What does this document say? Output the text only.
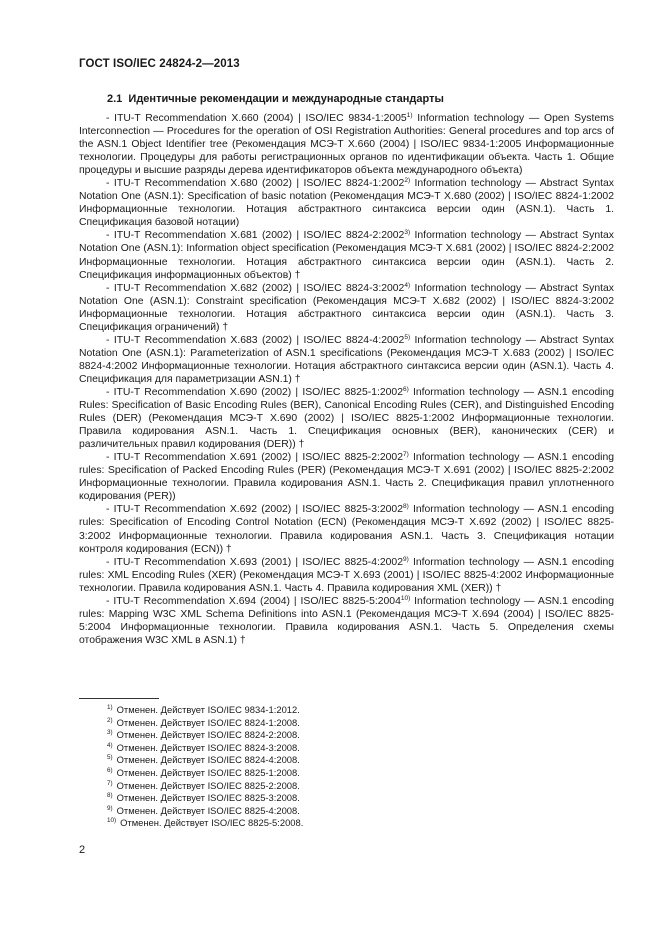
ГОСТ ISO/IEC 24824-2—2013
2.1 Идентичные рекомендации и международные стандарты

- ITU-T Recommendation X.660 (2004) | ISO/IEC 9834-1:2005$^{1)}$ Information technology — Open Systems Interconnection — Procedures for the operation of OSI Registration Authorities: General procedures and top arcs of the ASN.1 Object Identifier tree (Рекомендация МСЭ-Т X.660 (2004) | ISO/IEC 9834-1:2005 Информационные технологии. Процедуры для работы регистрационных органов по идентификации объекта. Часть 1. Общие процедуры и высшие разряды дерева идентификаторов объекта международного объекта)

- ITU-T Recommendation X.680 (2002) | ISO/IEC 8824-1:2002$^{2)}$ Information technology — Abstract Syntax Notation One (ASN.1): Specification of basic notation (Рекомендация МСЭ-Т X.680 (2002) | ISO/IEC 8824-1:2002 Информационные технологии. Нотация абстрактного синтаксиса версии один (ASN.1). Часть 1. Спецификация базовой нотации)

- ITU-T Recommendation X.681 (2002) | ISO/IEC 8824-2:2002$^{3)}$ Information technology — Abstract Syntax Notation One (ASN.1): Information object specification (Рекомендация МСЭ-Т X.681 (2002) | ISO/IEC 8824-2:2002 Информационные технологии. Нотация абстрактного синтаксиса версии один (ASN.1). Часть 2. Спецификация информационных объектов) †

- ITU-T Recommendation X.682 (2002) | ISO/IEC 8824-3:2002$^{4)}$ Information technology — Abstract Syntax Notation One (ASN.1): Constraint specification (Рекомендация МСЭ-Т X.682 (2002) | ISO/IEC 8824-3:2002 Информационные технологии. Нотация абстрактного синтаксиса версии один (ASN.1). Часть 3. Спецификация ограничений) †

- ITU-T Recommendation X.683 (2002) | ISO/IEC 8824-4:2002$^{5)}$ Information technology — Abstract Syntax Notation One (ASN.1): Parameterization of ASN.1 specifications (Рекомендация МСЭ-Т X.683 (2002) | ISO/IEC 8824-4:2002 Информационные технологии. Нотация абстрактного синтаксиса версии один (ASN.1). Часть 4. Спецификация для параметризации ASN.1) †

- ITU-T Recommendation X.690 (2002) | ISO/IEC 8825-1:2002$^{6)}$ Information technology — ASN.1 encoding Rules: Specification of Basic Encoding Rules (BER), Canonical Encoding Rules (CER), and Distinguished Encoding Rules (DER) (Рекомендация МСЭ-Т X.690 (2002) | ISO/IEC 8825-1:2002 Информационные технологии. Правила кодирования ASN.1. Часть 1. Спецификация основных (BER), канонических (CER) и различительных правил кодирования (DER)) †

- ITU-T Recommendation X.691 (2002) | ISO/IEC 8825-2:2002$^{7)}$ Information technology — ASN.1 encoding rules: Specification of Packed Encoding Rules (PER) (Рекомендация МСЭ-Т X.691 (2002) | ISO/IEC 8825-2:2002 Информационные технологии. Правила кодирования ASN.1. Часть 2. Спецификация правил уплотненного кодирования (PER))

- ITU-T Recommendation X.692 (2002) | ISO/IEC 8825-3:2002$^{8)}$ Information technology — ASN.1 encoding rules: Specification of Encoding Control Notation (ECN) (Рекомендация МСЭ-Т X.692 (2002) | ISO/IEC 8825-3:2002 Информационные технологии. Правила кодирования ASN.1. Часть 3. Спецификация нотации контроля кодирования (ECN)) †

- ITU-T Recommendation X.693 (2001) | ISO/IEC 8825-4:2002$^{9)}$ Information technology — ASN.1 encoding rules: XML Encoding Rules (XER) (Рекомендация МСЭ-Т X.693 (2001) | ISO/IEC 8825-4:2002 Информационные технологии. Правила кодирования ASN.1. Часть 4. Правила кодирования XML (XER)) †

- ITU-T Recommendation X.694 (2004) | ISO/IEC 8825-5:2004$^{10)}$ Information technology — ASN.1 encoding rules: Mapping W3C XML Schema Definitions into ASN.1 (Рекомендация МСЭ-Т X.694 (2004) | ISO/IEC 8825-5:2004 Информационные технологии. Правила кодирования ASN.1. Часть 5. Определения схемы отображения W3C XML в ASN.1) †

$^{1)}$ Отменен. Действует ISO/IEC 9834-1:2012.
$^{2)}$ Отменен. Действует ISO/IEC 8824-1:2008.
$^{3)}$ Отменен. Действует ISO/IEC 8824-2:2008.
$^{4)}$ Отменен. Действует ISO/IEC 8824-3:2008.
$^{5)}$ Отменен. Действует ISO/IEC 8824-4:2008.
$^{6)}$ Отменен. Действует ISO/IEC 8825-1:2008.
$^{7)}$ Отменен. Действует ISO/IEC 8825-2:2008.
$^{8)}$ Отменен. Действует ISO/IEC 8825-3:2008.
$^{9)}$ Отменен. Действует ISO/IEC 8825-4:2008.
$^{10)}$ Отменен. Действует ISO/IEC 8825-5:2008.
2
